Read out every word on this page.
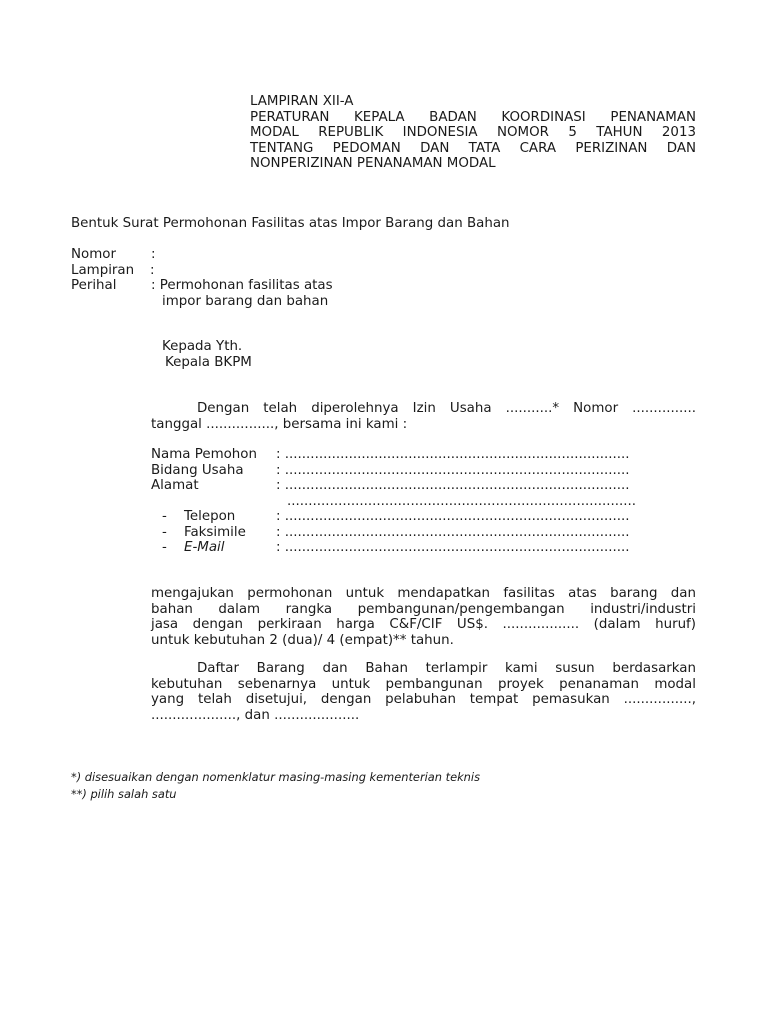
LAMPIRAN XII-A
PERATURAN KEPALA BADAN KOORDINASI PENANAMAN
MODAL REPUBLIK INDONESIA NOMOR 5 TAHUN 2013
TENTANG PEDOMAN DAN TATA CARA PERIZINAN DAN
NONPERIZINAN PENANAMAN MODAL
Bentuk Surat Permohonan Fasilitas atas Impor Barang dan Bahan
Nomor	:
Lampiran :
Perihal	: Permohonan fasilitas atas
impor barang dan bahan
Kepada Yth.
Kepala BKPM
Dengan telah diperolehnya Izin Usaha ...........* Nomor ...............
tanggal ................, bersama ini kami :
Nama Pemohon : .................................................................................
Bidang Usaha : .................................................................................
Alamat	: .................................................................................
..................................................................................
- Telepon	: .................................................................................
- Faksimile : .................................................................................
- E-Mail	: .................................................................................
mengajukan permohonan untuk mendapatkan fasilitas atas barang dan
bahan dalam rangka pembangunan/pengembangan industri/industri
jasa dengan perkiraan harga C&F/CIF US$. .................. (dalam huruf)
untuk kebutuhan 2 (dua)/ 4 (empat)** tahun.
Daftar Barang dan Bahan terlampir kami susun berdasarkan
kebutuhan sebenarnya untuk pembangunan proyek penanaman modal
yang telah disetujui, dengan pelabuhan tempat pemasukan ................,
...................., dan ....................
*) disesuaikan dengan nomenklatur masing-masing kementerian teknis
**) pilih salah satu
